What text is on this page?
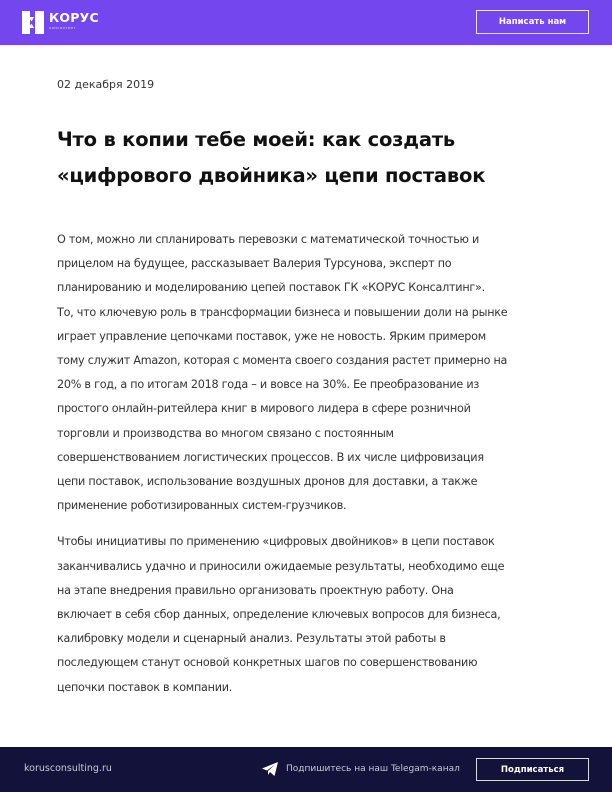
КОРУС
консалтинг
Написать нам
02 декабря 2019
Что в копии тебе моей: как создать
«цифрового двойника» цепи поставок

О том, можно ли спланировать перевозки с математической точностью и
прицелом на будущее, рассказывает Валерия Турсунова, эксперт по
планированию и моделированию цепей поставок ГК «КОРУС Консалтинг».
То, что ключевую роль в трансформации бизнеса и повышении доли на рынке
играет управление цепочками поставок, уже не новость. Ярким примером
тому служит Amazon, которая с момента своего создания растет примерно на
20% в год, а по итогам 2018 года – и вовсе на 30%. Ее преобразование из
простого онлайн-ритейлера книг в мирового лидера в сфере розничной
торговли и производства во многом связано с постоянным
совершенствованием логистических процессов. В их числе цифровизация
цепи поставок, использование воздушных дронов для доставки, а также
применение роботизированных систем-грузчиков.

Чтобы инициативы по применению «цифровых двойников» в цепи поставок
заканчивались удачно и приносили ожидаемые результаты, необходимо еще
на этапе внедрения правильно организовать проектную работу. Она
включает в себя сбор данных, определение ключевых вопросов для бизнеса,
калибровку модели и сценарный анализ. Результаты этой работы в
последующем станут основой конкретных шагов по совершенствованию
цепочки поставок в компании.

korusconsulting.ru	Подпишитесь на наш Telegam-канал	Подписаться
